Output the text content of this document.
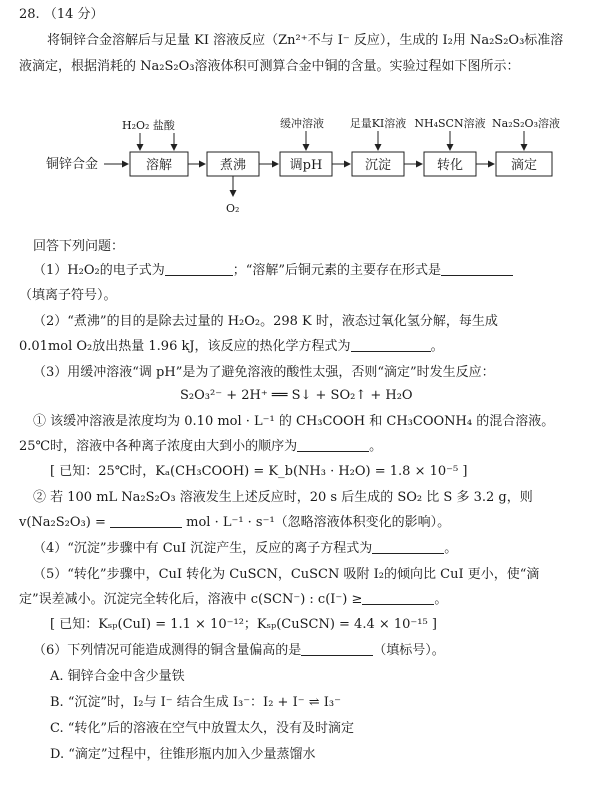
28. （14 分）
将铜锌合金溶解后与足量 KI 溶液反应（Zn²⁺不与 I⁻ 反应），生成的 I₂用 Na₂S₂O₃标准溶
液滴定，根据消耗的 Na₂S₂O₃溶液体积可测算合金中铜的含量。实验过程如下图所示：
铜锌合金	溶解	煮沸	调pH	沉淀	转化	滴定
H₂O₂ 盐酸	缓冲溶液 足量KI溶液 NH₄SCN溶液 Na₂S₂O₃溶液
O₂
回答下列问题：
（1）H₂O₂的电子式为	；“溶解”后铜元素的主要存在形式是
（填离子符号）。
（2）“煮沸”的目的是除去过量的 H₂O₂。298 K 时，液态过氧化氢分解，每生成
0.01mol O₂放出热量 1.96 kJ，该反应的热化学方程式为	。
（3）用缓冲溶液“调 pH”是为了避免溶液的酸性太强，否则“滴定”时发生反应：
S₂O₃²⁻ + 2H⁺ ══ S↓ + SO₂↑ + H₂O
① 该缓冲溶液是浓度均为 0.10 mol · L⁻¹ 的 CH₃COOH 和 CH₃COONH₄ 的混合溶液。
25℃时，溶液中各种离子浓度由大到小的顺序为	。
[ 已知：25℃时，Kₐ(CH₃COOH) = K_b(NH₃ · H₂O) = 1.8 × 10⁻⁵ ]
② 若 100 mL Na₂S₂O₃ 溶液发生上述反应时，20 s 后生成的 SO₂ 比 S 多 3.2 g，则
v(Na₂S₂O₃) =	mol · L⁻¹ · s⁻¹（忽略溶液体积变化的影响）。
（4）“沉淀”步骤中有 CuI 沉淀产生，反应的离子方程式为	。
（5）“转化”步骤中，CuI 转化为 CuSCN，CuSCN 吸附 I₂的倾向比 CuI 更小，使“滴
定”误差减小。沉淀完全转化后，溶液中 c(SCN⁻) : c(I⁻) ≥	。
[ 已知：Kₛₚ(CuI) = 1.1 × 10⁻¹²；Kₛₚ(CuSCN) = 4.4 × 10⁻¹⁵ ]
（6）下列情况可能造成测得的铜含量偏高的是	（填标号）。
A. 铜锌合金中含少量铁
B. “沉淀”时，I₂与 I⁻ 结合生成 I₃⁻：I₂ + I⁻ ⇌ I₃⁻
C. “转化”后的溶液在空气中放置太久，没有及时滴定
D. “滴定”过程中，往锥形瓶内加入少量蒸馏水
